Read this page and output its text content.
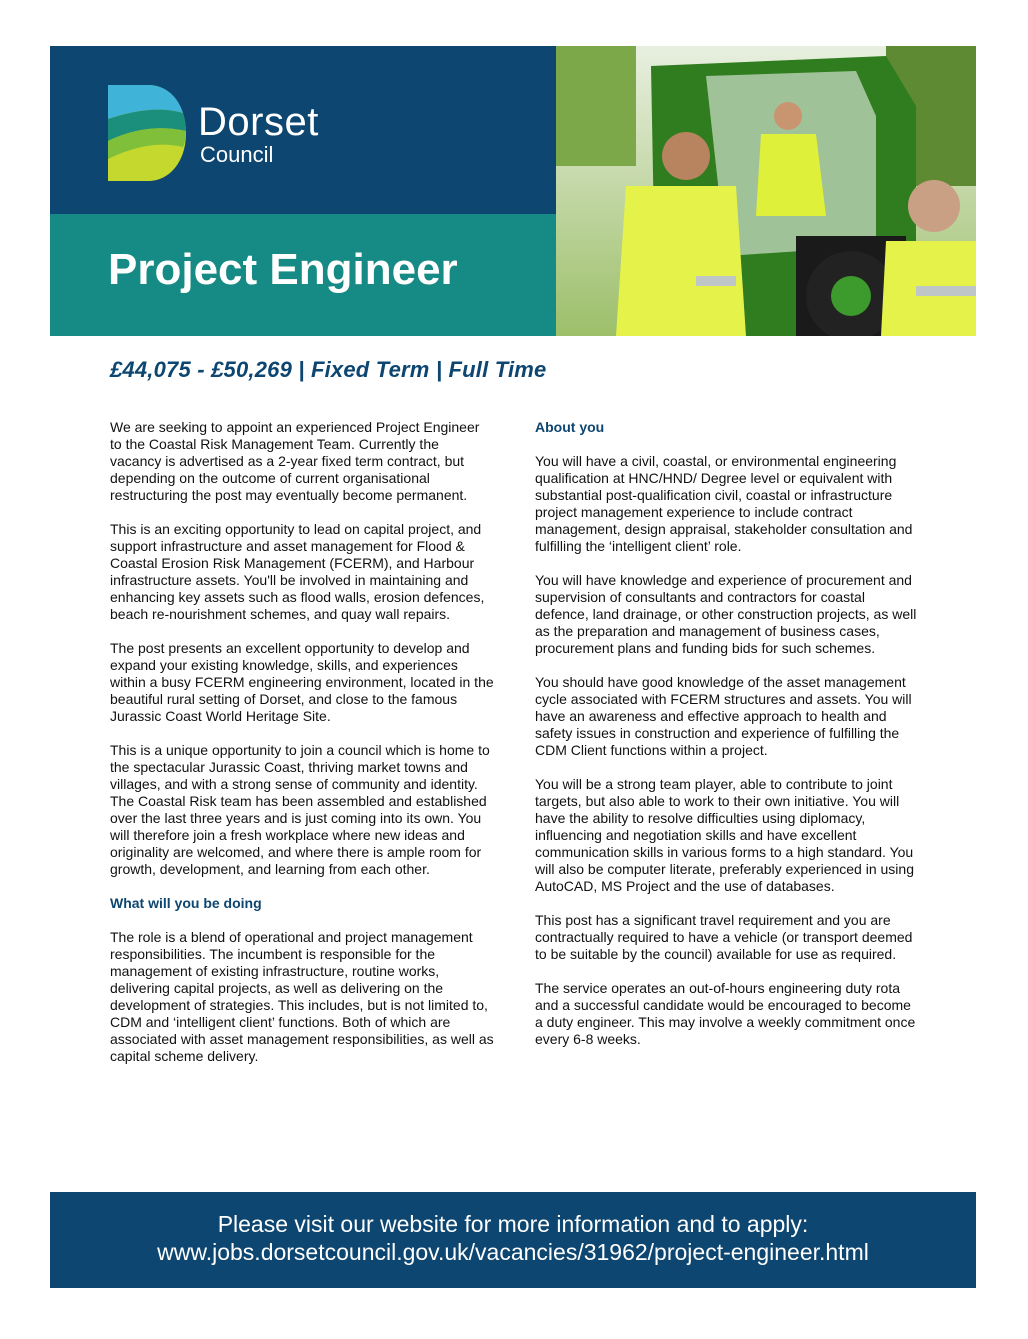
Dorset
Council
Project Engineer
£44,075 - £50,269 | Fixed Term | Full Time

We are seeking to appoint an experienced Project Engineer to the Coastal Risk Management Team. Currently the vacancy is advertised as a 2-year fixed term contract, but depending on the outcome of current organisational restructuring the post may eventually become permanent.

This is an exciting opportunity to lead on capital project, and support infrastructure and asset management for Flood & Coastal Erosion Risk Management (FCERM), and Harbour infrastructure assets. You'll be involved in maintaining and enhancing key assets such as flood walls, erosion defences, beach re-nourishment schemes, and quay wall repairs.

The post presents an excellent opportunity to develop and expand your existing knowledge, skills, and experiences within a busy FCERM engineering environment, located in the beautiful rural setting of Dorset, and close to the famous Jurassic Coast World Heritage Site.

This is a unique opportunity to join a council which is home to the spectacular Jurassic Coast, thriving market towns and villages, and with a strong sense of community and identity. The Coastal Risk team has been assembled and established over the last three years and is just coming into its own. You will therefore join a fresh workplace where new ideas and originality are welcomed, and where there is ample room for growth, development, and learning from each other.

What will you be doing

The role is a blend of operational and project management responsibilities. The incumbent is responsible for the management of existing infrastructure, routine works, delivering capital projects, as well as delivering on the development of strategies. This includes, but is not limited to, CDM and ‘intelligent client’ functions. Both of which are associated with asset management responsibilities, as well as capital scheme delivery.

About you

You will have a civil, coastal, or environmental engineering qualification at HNC/HND/ Degree level or equivalent with substantial post-qualification civil, coastal or infrastructure project management experience to include contract management, design appraisal, stakeholder consultation and fulfilling the ‘intelligent client’ role.

You will have knowledge and experience of procurement and supervision of consultants and contractors for coastal defence, land drainage, or other construction projects, as well as the preparation and management of business cases, procurement plans and funding bids for such schemes.

You should have good knowledge of the asset management cycle associated with FCERM structures and assets. You will have an awareness and effective approach to health and safety issues in construction and experience of fulfilling the CDM Client functions within a project.

You will be a strong team player, able to contribute to joint targets, but also able to work to their own initiative. You will have the ability to resolve difficulties using diplomacy, influencing and negotiation skills and have excellent communication skills in various forms to a high standard. You will also be computer literate, preferably experienced in using AutoCAD, MS Project and the use of databases.

This post has a significant travel requirement and you are contractually required to have a vehicle (or transport deemed to be suitable by the council) available for use as required.

The service operates an out-of-hours engineering duty rota and a successful candidate would be encouraged to become a duty engineer. This may involve a weekly commitment once every 6-8 weeks.

Please visit our website for more information and to apply:
www.jobs.dorsetcouncil.gov.uk/vacancies/31962/project-engineer.html
